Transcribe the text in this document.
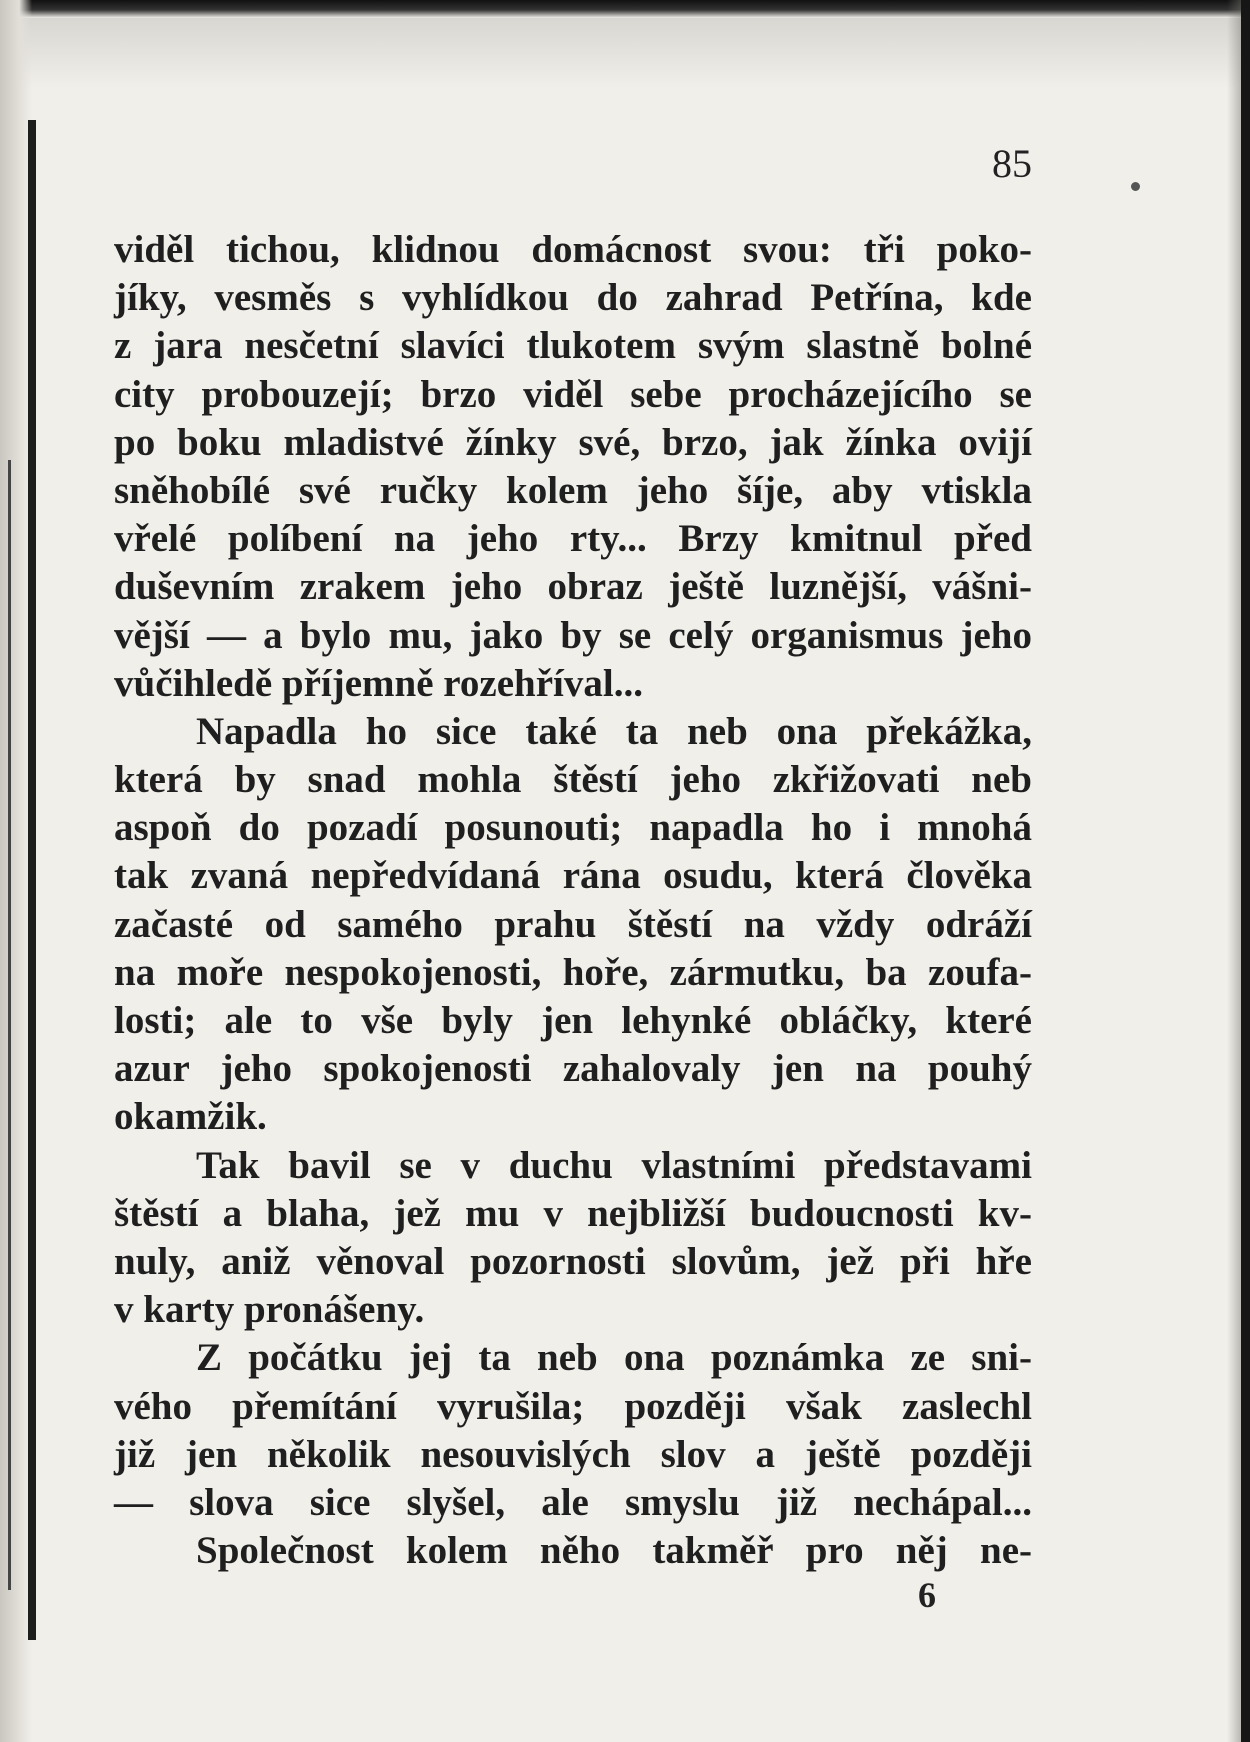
85
viděl tichou, klidnou domácnost svou: tři poko-
jíky, vesměs s vyhlídkou do zahrad Petřína, kde
z jara nesčetní slavíci tlukotem svým slastně bolné
city probouzejí; brzo viděl sebe procházejícího se
po boku mladistvé žínky své, brzo, jak žínka ovijí
sněhobílé své ručky kolem jeho šíje, aby vtiskla
vřelé políbení na jeho rty... Brzy kmitnul před
duševním zrakem jeho obraz ještě luznější, vášni-
vější — a bylo mu, jako by se celý organismus jeho
vůčihledě příjemně rozehříval...
Napadla ho sice také ta neb ona překážka,
která by snad mohla štěstí jeho zkřižovati neb
aspoň do pozadí posunouti; napadla ho i mnohá
tak zvaná nepředvídaná rána osudu, která člověka
začasté od samého prahu štěstí na vždy odráží
na moře nespokojenosti, hoře, zármutku, ba zoufa-
losti; ale to vše byly jen lehynké obláčky, které
azur jeho spokojenosti zahalovaly jen na pouhý
okamžik.
Tak bavil se v duchu vlastními představami
štěstí a blaha, jež mu v nejbližší budoucnosti kv-
nuly, aniž věnoval pozornosti slovům, jež při hře
v karty pronášeny.
Z počátku jej ta neb ona poznámka ze sni-
vého přemítání vyrušila; později však zaslechl
již jen několik nesouvislých slov a ještě později
— slova sice slyšel, ale smyslu již nechápal...
Společnost kolem něho takměř pro něj ne-
6
